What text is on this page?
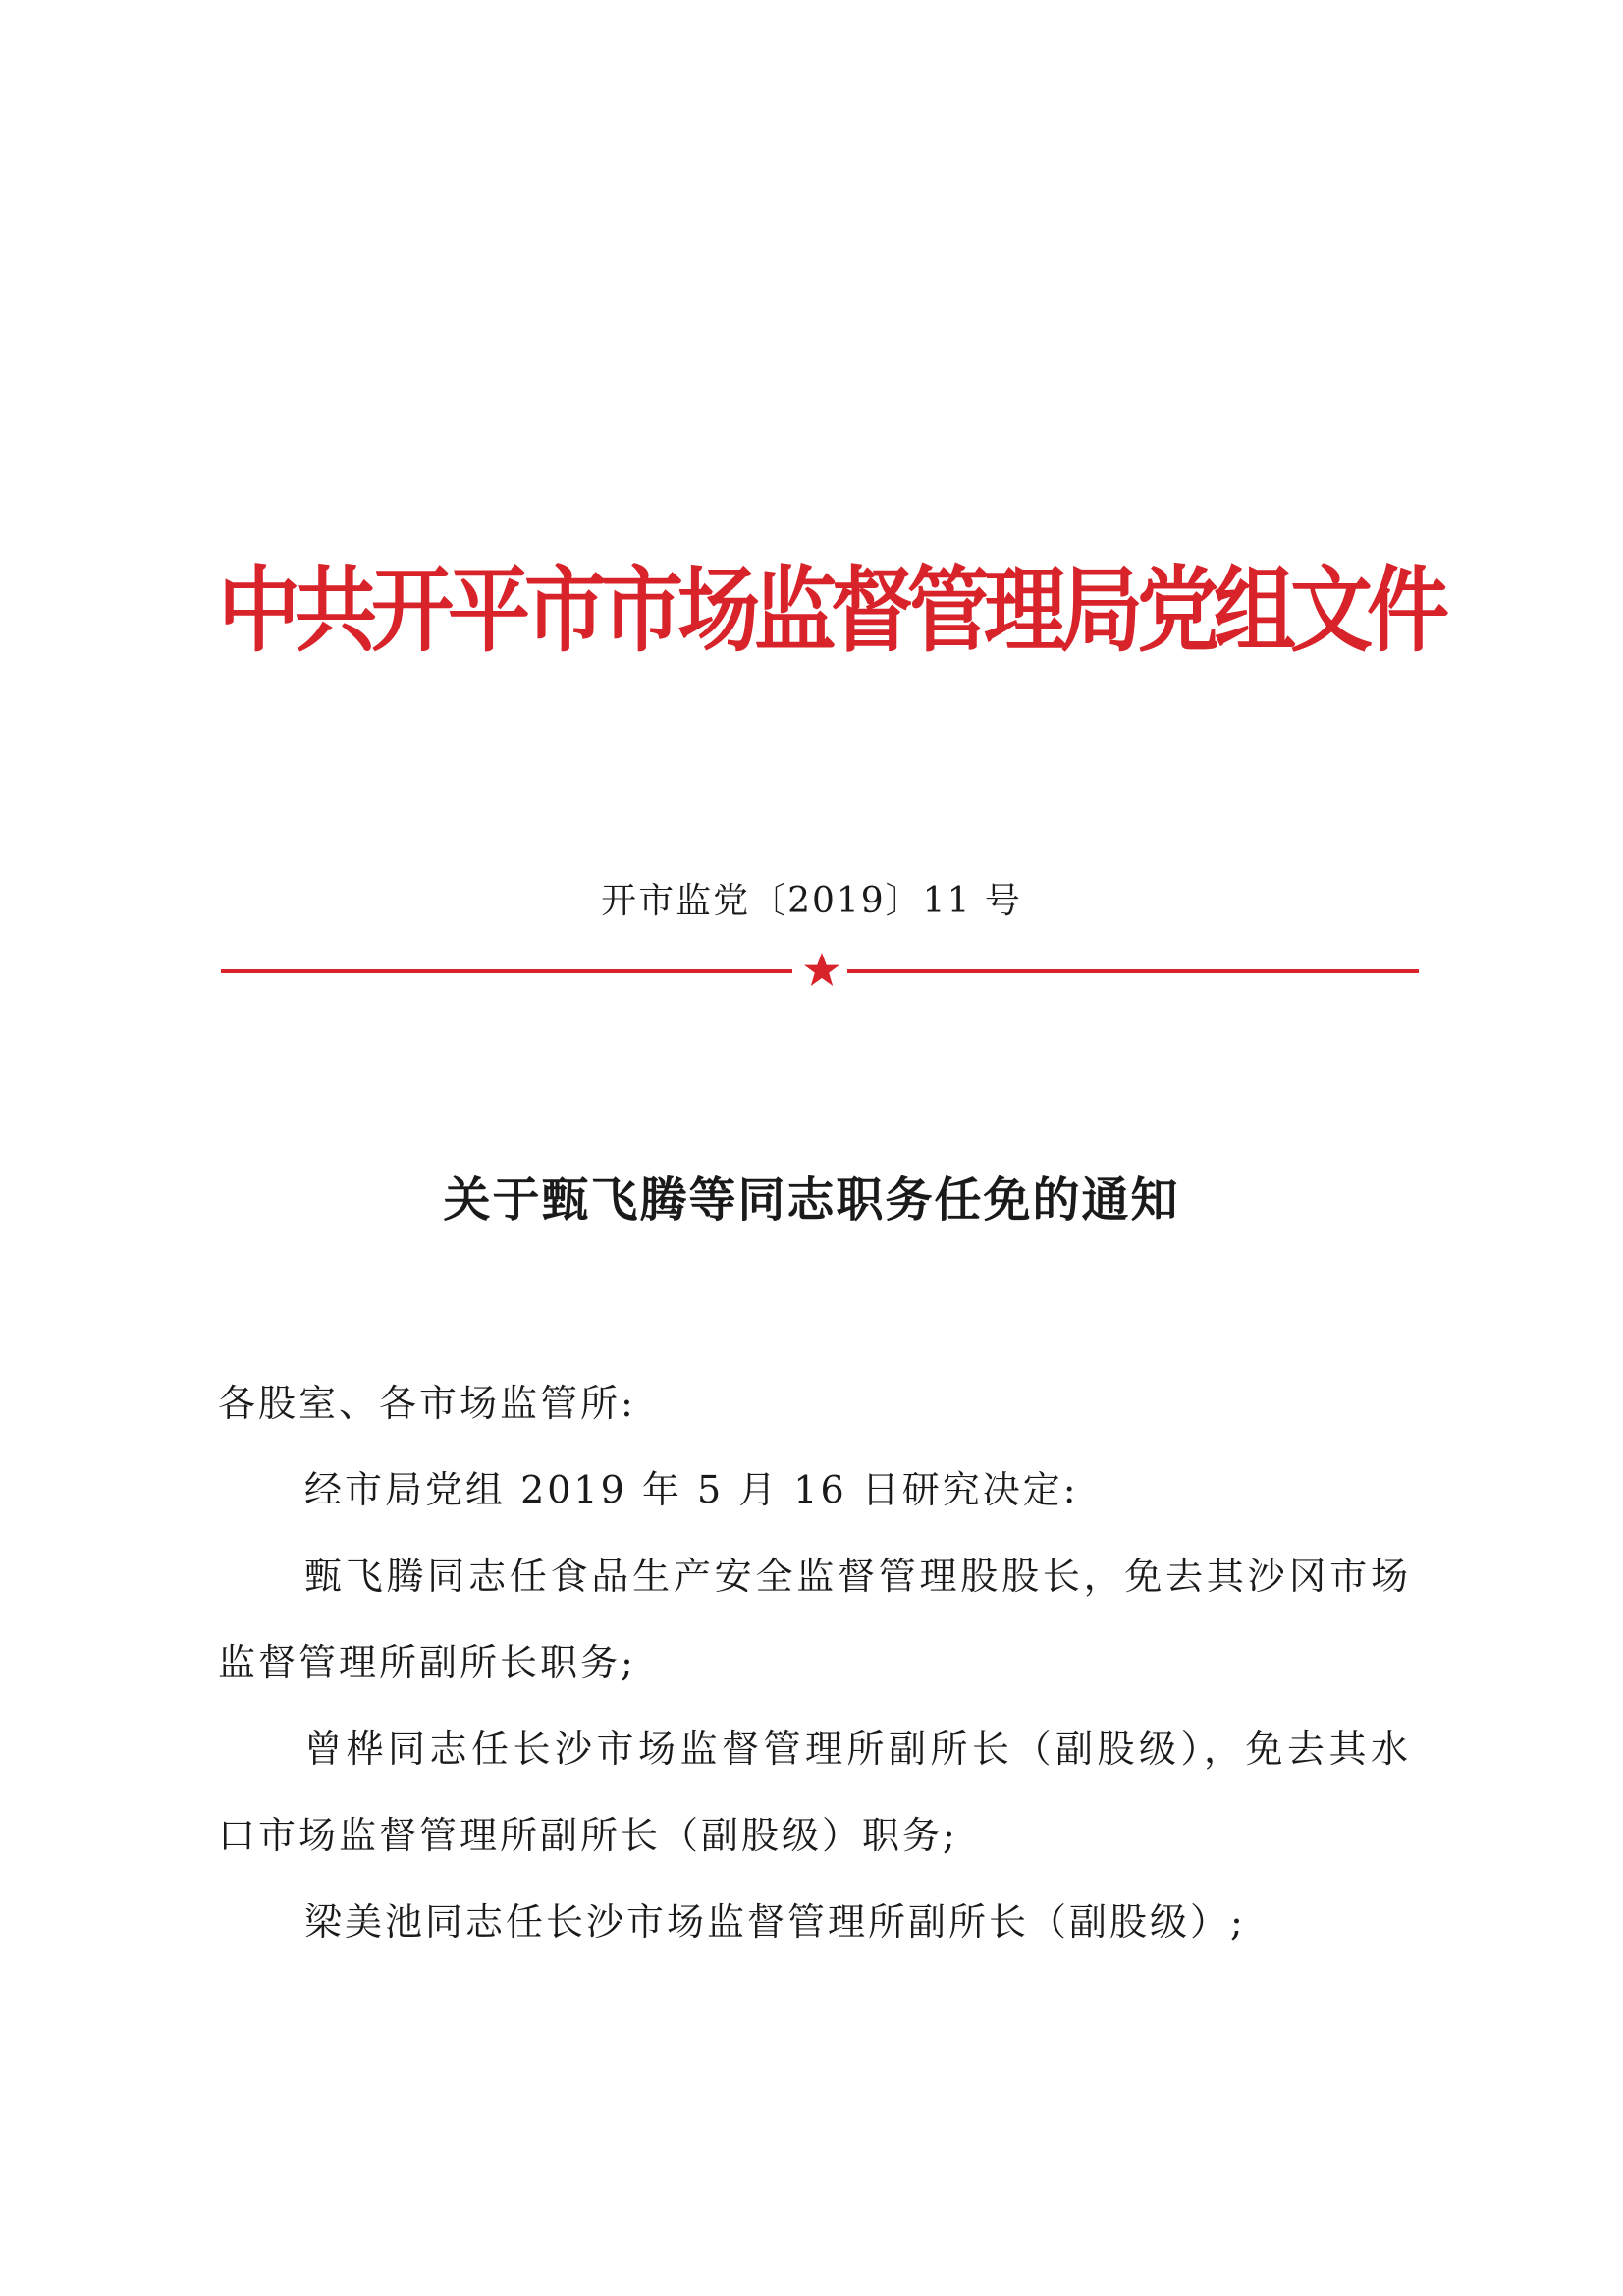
中共开平市市场监督管理局党组文件
开市监党〔2019〕11 号
关于甄飞腾等同志职务任免的通知

各股室、各市场监管所:

经市局党组 2019 年 5 月 16 日研究决定:

甄飞腾同志任食品生产安全监督管理股股长，免去其沙冈市场监督管理所副所长职务;

曾桦同志任长沙市场监督管理所副所长（副股级），免去其水口市场监督管理所副所长（副股级）职务;

梁美池同志任长沙市场监督管理所副所长（副股级）;
